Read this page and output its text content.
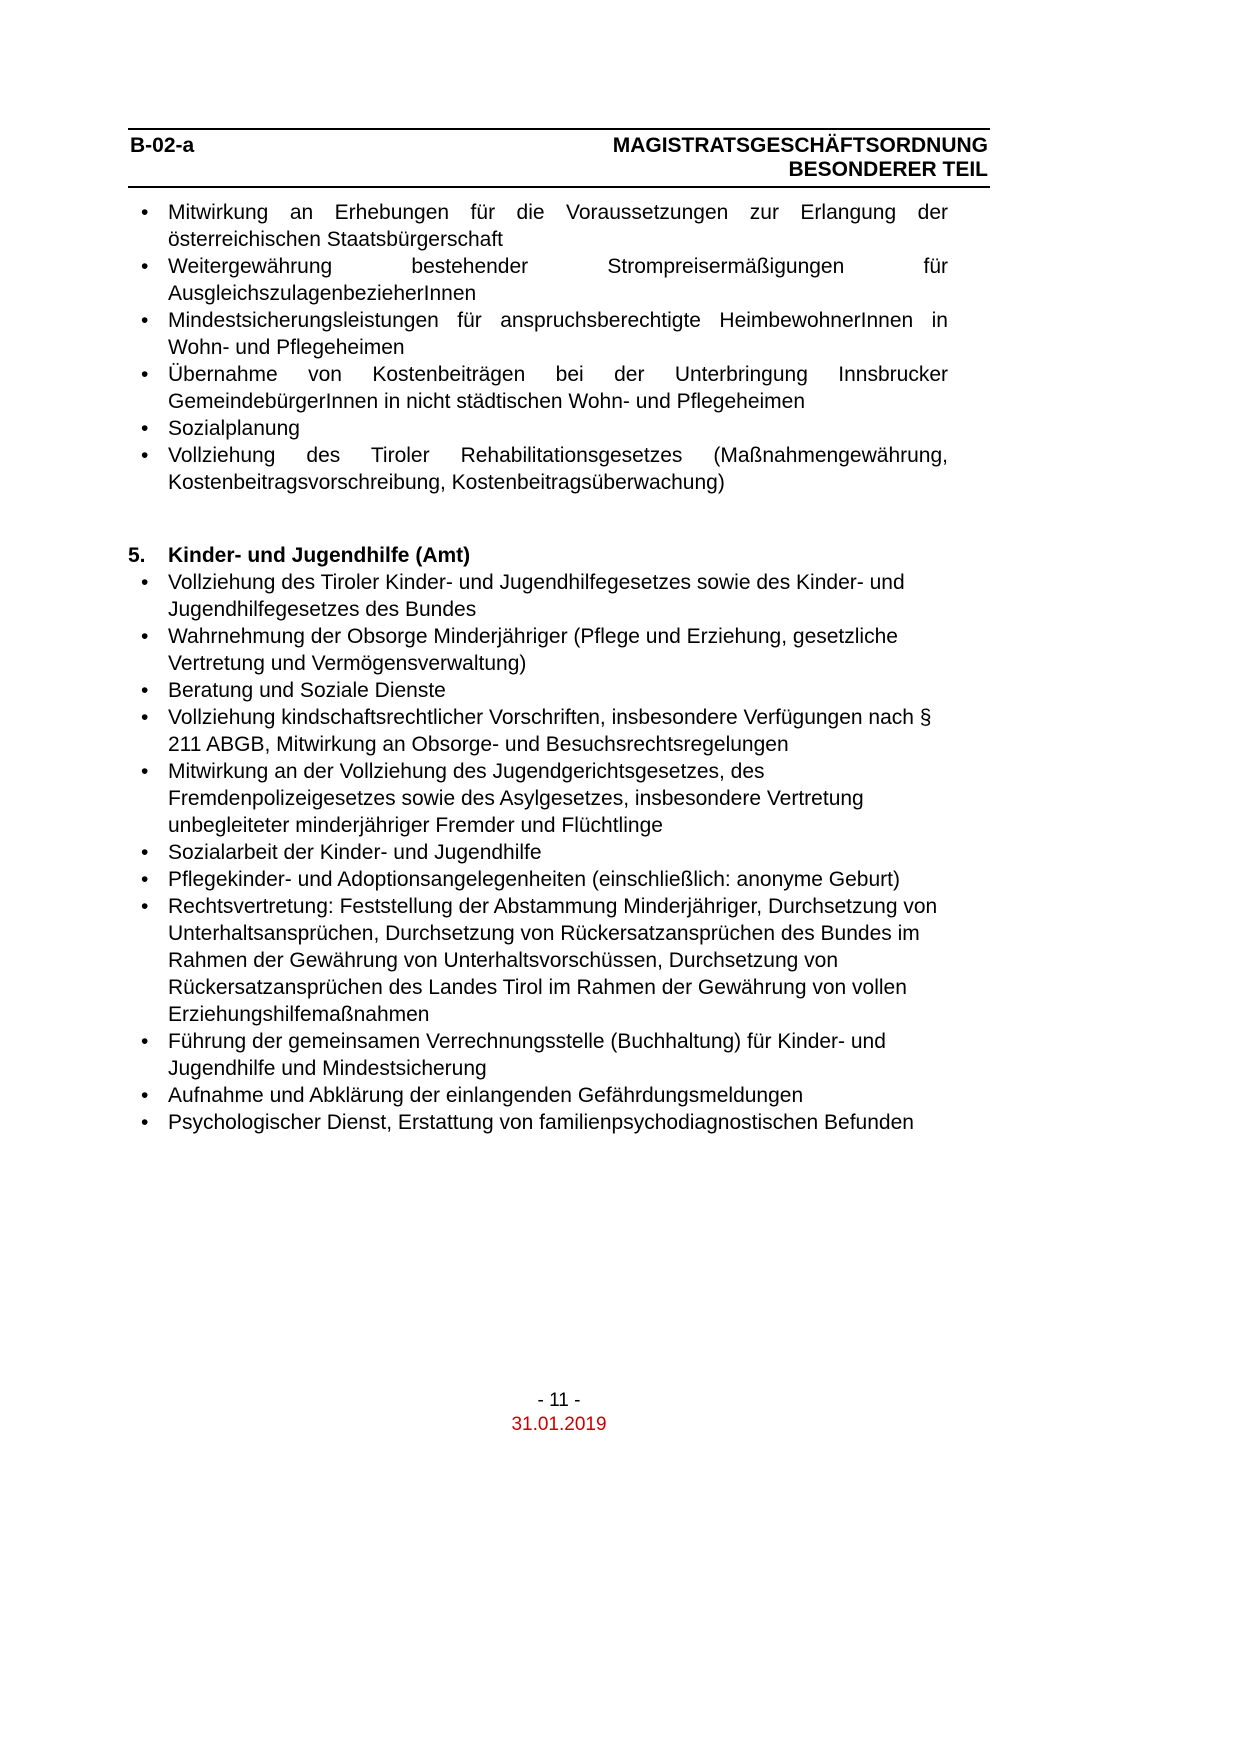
B-02-a	MAGISTRATSGESCHÄFTSORDNUNG
BESONDERER TEIL
• Mitwirkung an Erhebungen für die Voraussetzungen zur Erlangung der österreichischen Staatsbürgerschaft
• Weitergewährung bestehender Strompreisermäßigungen für AusgleichszulagenbezieherInnen
• Mindestsicherungsleistungen für anspruchsberechtigte HeimbewohnerInnen in Wohn- und Pflegeheimen
• Übernahme von Kostenbeiträgen bei der Unterbringung Innsbrucker GemeindebürgerInnen in nicht städtischen Wohn- und Pflegeheimen
• Sozialplanung
• Vollziehung des Tiroler Rehabilitationsgesetzes (Maßnahmengewährung, Kostenbeitragsvorschreibung, Kostenbeitragsüberwachung)
5.	Kinder- und Jugendhilfe (Amt)
• Vollziehung des Tiroler Kinder- und Jugendhilfegesetzes sowie des Kinder- und Jugendhilfegesetzes des Bundes
• Wahrnehmung der Obsorge Minderjähriger (Pflege und Erziehung, gesetzliche Vertretung und Vermögensverwaltung)
• Beratung und Soziale Dienste
• Vollziehung kindschaftsrechtlicher Vorschriften, insbesondere Verfügungen nach § 211 ABGB, Mitwirkung an Obsorge- und Besuchsrechtsregelungen
• Mitwirkung an der Vollziehung des Jugendgerichtsgesetzes, des Fremdenpolizeigesetzes sowie des Asylgesetzes, insbesondere Vertretung unbegleiteter minderjähriger Fremder und Flüchtlinge
• Sozialarbeit der Kinder- und Jugendhilfe
• Pflegekinder- und Adoptionsangelegenheiten (einschließlich: anonyme Geburt)
• Rechtsvertretung: Feststellung der Abstammung Minderjähriger, Durchsetzung von Unterhaltsansprüchen, Durchsetzung von Rückersatzansprüchen des Bundes im Rahmen der Gewährung von Unterhaltsvorschüssen, Durchsetzung von Rückersatzansprüchen des Landes Tirol im Rahmen der Gewährung von vollen Erziehungshilfemaßnahmen
• Führung der gemeinsamen Verrechnungsstelle (Buchhaltung) für Kinder- und Jugendhilfe und Mindestsicherung
• Aufnahme und Abklärung der einlangenden Gefährdungsmeldungen
• Psychologischer Dienst, Erstattung von familienpsychodiagnostischen Befunden
- 11 -
31.01.2019
